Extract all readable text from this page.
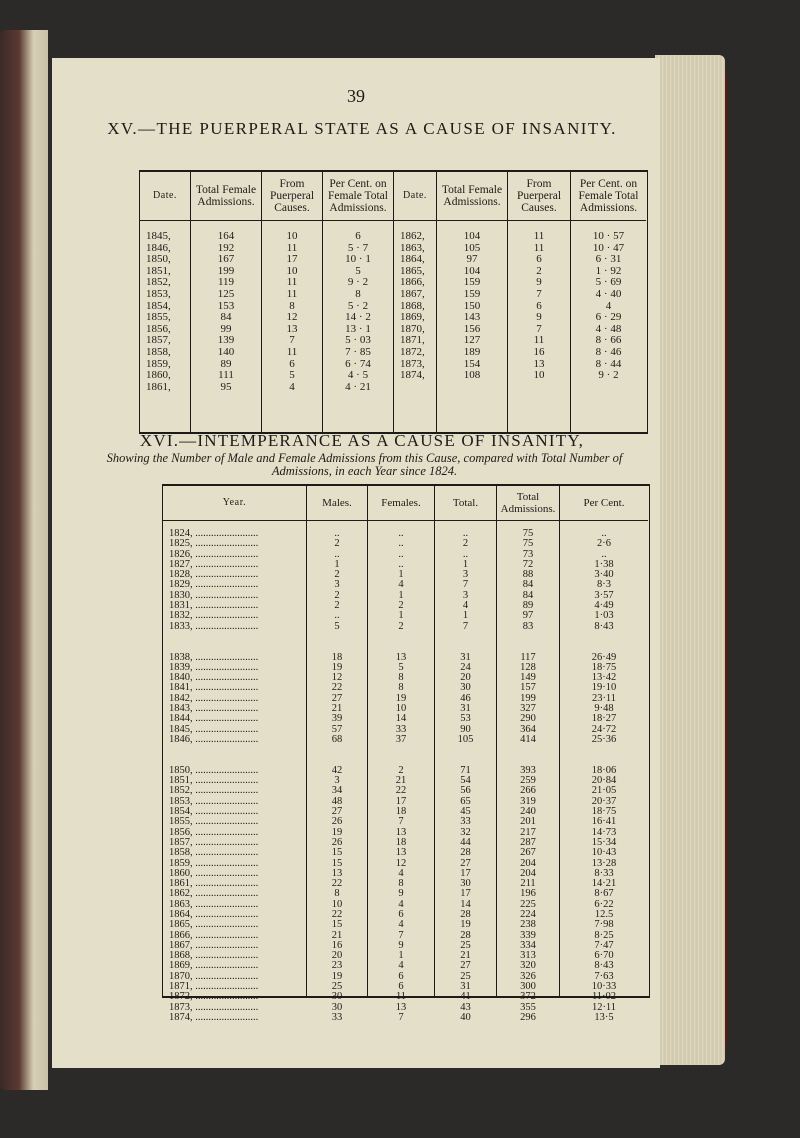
39
XV.—THE PUERPERAL STATE AS A CAUSE OF INSANITY.
Date.
1845,
1846,
1850,
1851,
1852,
1853,
1854,
1855,
1856,
1857,
1858,
1859,
1860,
1861,
Total Female Admissions.
164
192
167
199
119
125
153
84
99
139
140
89
111
95
From Puerperal Causes.
10
11
17
10
11
11
8
12
13
7
11
6
5
4
Per Cent. on Female Total Admissions.
6
5 · 7
10 · 1
5
9 · 2
8
5 · 2
14 · 2
13 · 1
5 · 03
7 · 85
6 · 74
4 · 5
4 · 21
Date.
1862,
1863,
1864,
1865,
1866,
1867,
1868,
1869,
1870,
1871,
1872,
1873,
1874,
Total Female Admissions.
104
105
97
104
159
159
150
143
156
127
189
154
108
From Puerperal Causes.
11
11
6
2
9
7
6
9
7
11
16
13
10
Per Cent. on Female Total Admissions.
10 · 57
10 · 47
6 · 31
1 · 92
5 · 69
4 · 40
4
6 · 29
4 · 48
8 · 66
8 · 46
8 · 44
9 · 2
XVI.—INTEMPERANCE AS A CAUSE OF INSANITY,
Showing the Number of Male and Female Admissions from this Cause, compared with Total Number of Admissions, in each Year since 1824.
Year.
1824, ........................
1825, ........................
1826, ........................
1827, ........................
1828, ........................
1829, ........................
1830, ........................
1831, ........................
1832, ........................
1833, ........................
1838, ........................
1839, ........................
1840, ........................
1841, ........................
1842, ........................
1843, ........................
1844, ........................
1845, ........................
1846, ........................
1850, ........................
1851, ........................
1852, ........................
1853, ........................
1854, ........................
1855, ........................
1856, ........................
1857, ........................
1858, ........................
1859, ........................
1860, ........................
1861, ........................
1862, ........................
1863, ........................
1864, ........................
1865, ........................
1866, ........................
1867, ........................
1868, ........................
1869, ........................
1870, ........................
1871, ........................
1872, ........................
1873, ........................
1874, ........................
Males.
..
2
..
1
2
3
2
2
..
5
18
19
12
22
27
21
39
57
68
42
3
34
48
27
26
19
26
15
15
13
22
8
10
22
15
21
16
20
23
19
25
30
30
33
Females.
..
..
..
..
1
4
1
2
1
2
13
5
8
8
19
10
14
33
37
2
21
22
17
18
7
13
18
13
12
4
8
9
4
6
4
7
9
1
4
6
6
11
13
7
Total.
..
2
..
1
3
7
3
4
1
7
31
24
20
30
46
31
53
90
105
71
54
56
65
45
33
32
44
28
27
17
30
17
14
28
19
28
25
21
27
25
31
41
43
40
Total Admissions.
75
75
73
72
88
84
84
89
97
83
117
128
149
157
199
327
290
364
414
393
259
266
319
240
201
217
287
267
204
204
211
196
225
224
238
339
334
313
320
326
300
372
355
296
Per Cent.
..
2·6
..
1·38
3·40
8·3
3·57
4·49
1·03
8·43
26·49
18·75
13·42
19·10
23·11
9·48
18·27
24·72
25·36
18·06
20·84
21·05
20·37
18·75
16·41
14·73
15·34
10·43
13·28
8·33
14·21
8·67
6·22
12.5
7·98
8·25
7·47
6·70
8·43
7·63
10·33
11·02
12·11
13·5
